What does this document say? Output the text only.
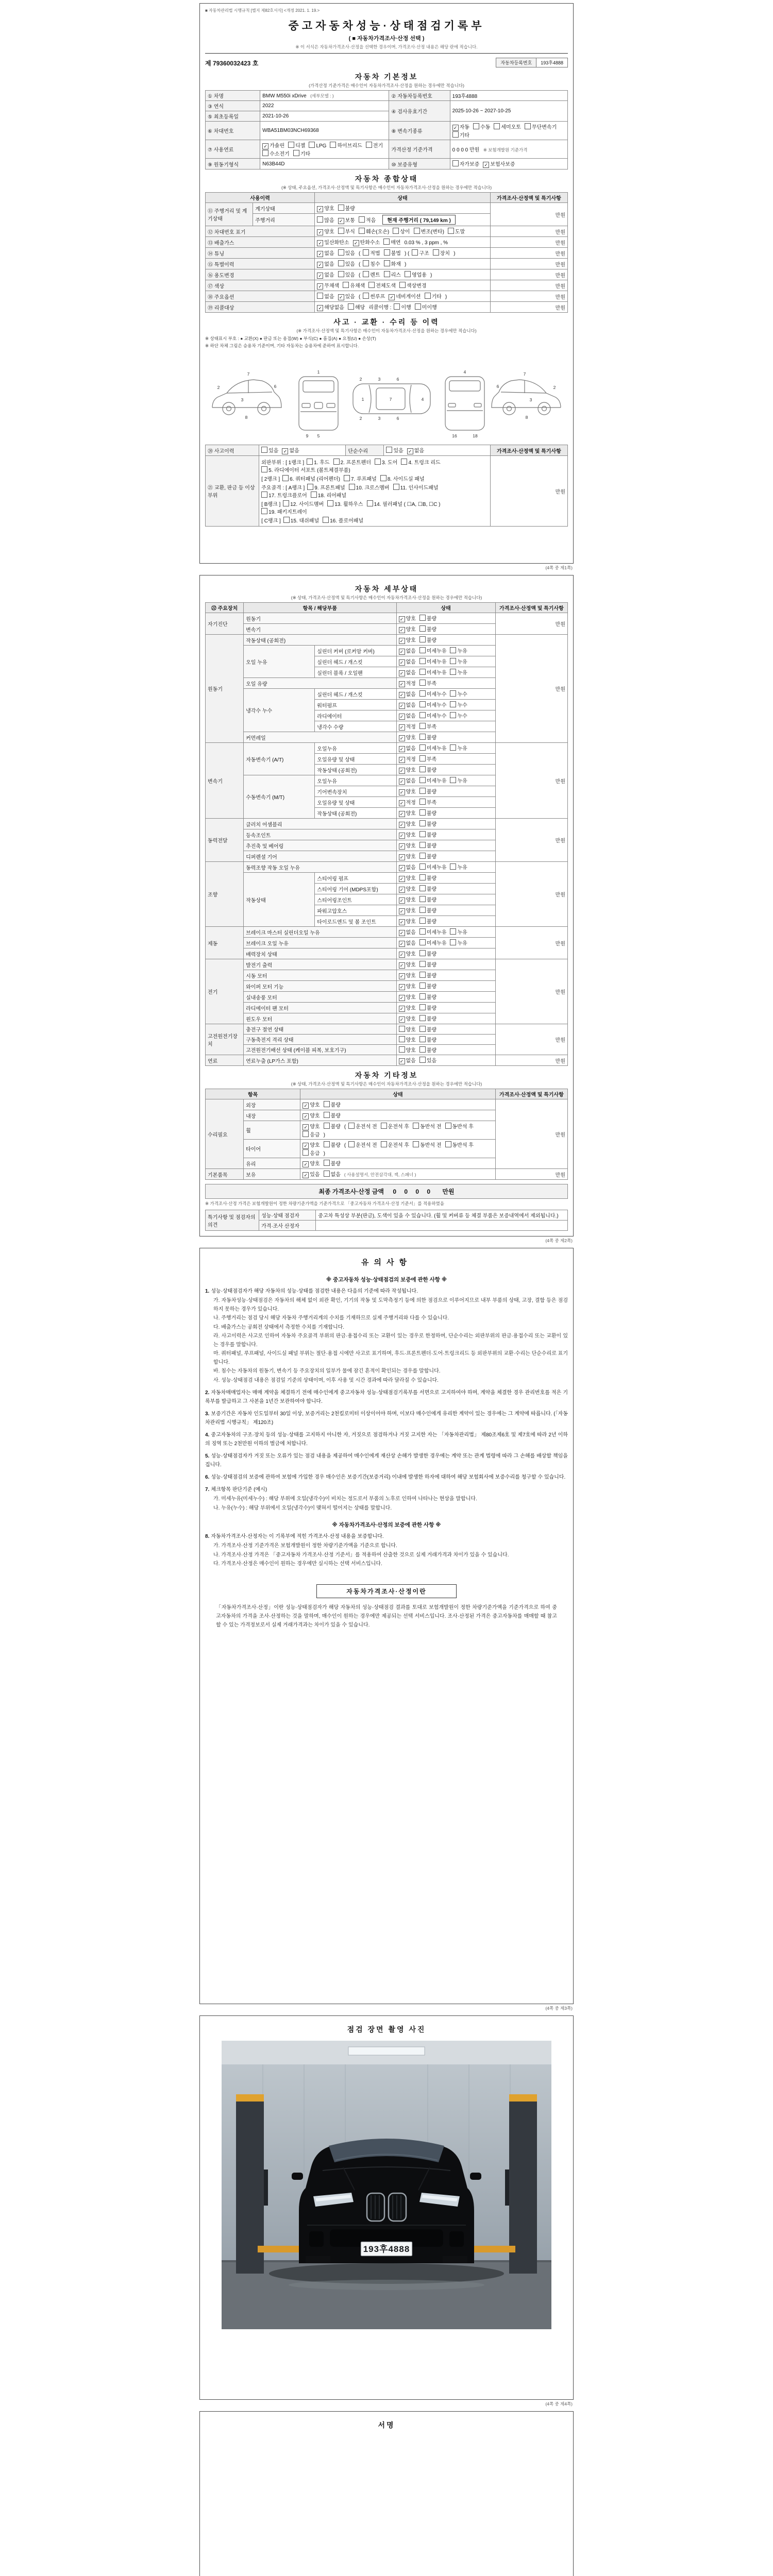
■ 자동차관리법 시행규칙 [별지 제82호서식] <개정 2021. 1. 19.>
중고자동차성능·상태점검기록부
( ■ 자동차가격조사·산정 선택 )
※ 이 서식은 자동차가격조사·산정을 선택한 경우이며, 가격조사·산정 내용은 해당 란에 적습니다.
제 79360032423 호	자동차등록번호	193후4888
자동차 기본정보
(가격산정 기준가격은 매수인이 자동차가격조사·산정을 원하는 경우에만 적습니다)
① 차명	BMW M550i xDrive (세부모델 : )	② 자동차등록번호	193후4888
③ 연식	2022	④ 검사유효기간	2025-10-26 ~ 2027-10-25
⑤ 최초등록일	2021-10-26		
⑥ 차대번호	WBA51BM03NCH69368	⑧ 변속기종류	✓ 자동 수동 세미오토 무단변속기기타
⑦ 사용연료	✓ 가솔린 디젤 LPG 하이브리드 전기수소전기 기타	가격산정 기준가격	0 0 0 0 만원 ※ 보험개발원 기준가격
⑨ 원동기형식	N63B44D	⑩ 보증유형	자가보증 ✓ 보험사보증
자동차 종합상태
(※ 상태, 주요옵션, 가격조사·산정액 및 특기사항은 매수인이 자동차가격조사·산정을 원하는 경우에만 적습니다)
사용이력		상태	가격조사·산정액 및 특기사항
⑪ 주행거리 및 계기상태	계기상태	✓ 양호 불량	만원
	주행거리	많음 ✓ 보통 적음 현재 주행거리 ( 79,149 km )	
⑫ 차대번호 표기		✓ 양호 부식 훼손(오손) 상이 변조(변타) 도말	만원
⑬ 배출가스		✓ 일산화탄소 ✓ 탄화수소 매연 0.03 % , 3 ppm , %	만원
⑭ 튜닝		✓ 없음 있음 ( 적법 불법 ) ( 구조 장치 )	만원
⑮ 특별이력		✓ 없음 있음 ( 침수 화재 )	만원
⑯ 용도변경		✓ 없음 있음 ( 렌트 리스 영업용 )	만원
⑰ 색상		✓ 무채색 유채색 전체도색 색상변경	만원
⑱ 주요옵션		없음 ✓ 있음 ( 썬루프 ✓ 네비게이션 기타 )	만원
⑲ 리콜대상		✓ 해당없음 해당 리콜이행 : 이행 미이행	만원
사고 · 교환 · 수리 등 이력
(※ 가격조사·산정액 및 특기사항은 매수인이 자동차가격조사·산정을 원하는 경우에만 적습니다)
※ 상태표시 부호 : ● 교환(X) ● 판금 또는 용접(W) ● 부식(C) ● 흠집(A) ● 요철(U) ● 손상(T)
※ 하단 차체 그림은 승용차 기준이며, 기타 자동차는 승용차에 준하여 표시합니다.
7
2
3
6
8
1
5
9
2	3	6
2	3	6
1	7	4
4
16	18
7
2
3
6
8
⑳ 사고이력	있음 ✓ 없음	단순수리	있음 ✓ 없음	가격조사·산정액 및 특기사항
㉑ 교환, 판금 등 이상 부위	외판부위 : [ 1랭크 ] 1. 후드 2. 프론트펜더 3. 도어 4. 트렁크 리드5. 라디에이터 서포트 (볼트체결부품)
[ 2랭크 ] 6. 쿼터패널 (리어펜더) 7. 루프패널 8. 사이드실 패널
주요골격 : [ A랭크 ] 9. 프론트패널 10. 크로스멤버 11. 인사이드패널17. 트렁크플로어 18. 리어패널
[ B랭크 ] 12. 사이드멤버 13. 휠하우스 14. 필러패널 ( ☐A, ☐B, ☐C )19. 패키지트레이
[ C랭크 ] 15. 대쉬패널 16. 플로어패널			만원
(4쪽 중 제1쪽)
자동차 세부상태
(※ 상태, 가격조사·산정액 및 특기사항은 매수인이 자동차가격조사·산정을 원하는 경우에만 적습니다)
㉒ 주요장치	항목 / 해당부품		상태	가격조사·산정액 및 특기사항
자기진단	원동기		✓ 양호 불량	만원
	변속기		✓ 양호 불량	
원동기	작동상태 (공회전)		✓ 양호 불량	만원
	오일 누유	실린더 커버 (로커암 커버)	✓ 없음 미세누유 누유	
		실린더 헤드 / 개스킷	✓ 없음 미세누유 누유	
		실린더 블록 / 오일팬	✓ 없음 미세누유 누유	
	오일 유량		✓ 적정 부족	
	냉각수 누수	실린더 헤드 / 개스킷	✓ 없음 미세누수 누수	
		워터펌프	✓ 없음 미세누수 누수	
		라디에이터	✓ 없음 미세누수 누수	
		냉각수 수량	✓ 적정 부족	
	커먼레일		✓ 양호 불량	
변속기	자동변속기 (A/T)	오일누유	✓ 없음 미세누유 누유	만원
		오일유량 및 상태	✓ 적정 부족	
		작동상태 (공회전)	✓ 양호 불량	
	수동변속기 (M/T)	오일누유	✓ 없음 미세누유 누유	
		기어변속장치	✓ 양호 불량	
		오일유량 및 상태	✓ 적정 부족	
		작동상태 (공회전)	✓ 양호 불량	
동력전달	클러치 어셈블리		✓ 양호 불량	만원
	등속조인트		✓ 양호 불량	
	추진축 및 베어링		✓ 양호 불량	
	디퍼렌셜 기어		✓ 양호 불량	
조향	동력조향 작동 오일 누유		✓ 없음 미세누유 누유	만원
	작동상태	스티어링 펌프	✓ 양호 불량	
		스티어링 기어 (MDPS포함)	✓ 양호 불량	
		스티어링조인트	✓ 양호 불량	
		파워고압호스	✓ 양호 불량	
		타이로드엔드 및 볼 조인트	✓ 양호 불량	
제동	브레이크 마스터 실린더오일 누유		✓ 없음 미세누유 누유	만원
	브레이크 오일 누유		✓ 없음 미세누유 누유	
	배력장치 상태		✓ 양호 불량	
전기	발전기 출력		✓ 양호 불량	만원
	시동 모터		✓ 양호 불량	
	와이퍼 모터 기능		✓ 양호 불량	
	실내송풍 모터		✓ 양호 불량	
	라디에이터 팬 모터		✓ 양호 불량	
	윈도우 모터		✓ 양호 불량	
고전원전기장치	충전구 절연 상태		양호 불량	만원
	구동축전지 격리 상태		양호 불량	
	고전원전기배선 상태 (케이블 피복, 보호기구)		양호 불량	
연료	연료누출 (LP가스 포함)		✓ 없음 있음	만원
자동차 기타정보
(※ 상태, 가격조사·산정액 및 특기사항은 매수인이 자동차가격조사·산정을 원하는 경우에만 적습니다)
항목		상태	가격조사·산정액 및 특기사항
수리필요	외장	✓ 양호 불량	만원
	내장	✓ 양호 불량	
	휠	✓ 양호 불량 ( 운전석 전 운전석 후 동반석 전 동반석 후응급 )	
	타이어	✓ 양호 불량 ( 운전석 전 운전석 후 동반석 전 동반석 후응급 )	
	유리	✓ 양호 불량	
기본품목	보유	✓ 있음 없음 ( 사용설명서, 안전삼각대, 잭, 스패너 )	만원
최종 가격조사·산정 금액 0 0 0 0 만원
※ 가격조사·산정 가격은 보험개발원이 정한 차량기준가액을 기준가격으로 「중고자동차 가격조사·산정 기준서」를 적용하였음
특기사항 및 점검자의 의견	성능·상태 점검자	중고차 특성상 부분(판금), 도색이 있을 수 있습니다. (휠 및 커버류 등 체결 부품은 보증내역에서 제외됩니다.)
	가격·조사 산정자	
(4쪽 중 제2쪽)
유의사항
※ 중고자동차 성능·상태점검의 보증에 관한 사항 ※
1. 성능·상태점검자가 해당 자동차의 성능·상태를 점검한 내용은 다음의 기준에 따라 작성됩니다.
가. 자동차성능·상태점검은 자동차의 해체 없이 외관 확인, 기기의 작동 및 도막측정기 등에 의한 점검으로 이루어지므로 내부 부품의 상태, 고장, 결함 등은 점검하지 못하는 경우가 있습니다.
나. 주행거리는 점검 당시 해당 자동차 주행거리계의 수치를 기재하므로 실제 주행거리와 다를 수 있습니다.
다. 배출가스는 공회전 상태에서 측정한 수치를 기재합니다.
라. 사고이력은 사고로 인하여 자동차 주요골격 부위의 판금·용접수리 또는 교환이 있는 경우로 한정하며, 단순수리는 외판부위의 판금·용접수리 또는 교환이 있는 경우를 말합니다.
마. 쿼터패널, 루프패널, 사이드실 패널 부위는 절단·용접 시에만 사고로 표기하며, 후드·프론트펜더·도어·트렁크리드 등 외판부위의 교환·수리는 단순수리로 표기합니다.
바. 침수는 자동차의 원동기, 변속기 등 주요장치의 일부가 물에 잠긴 흔적이 확인되는 경우를 말합니다.
사. 성능·상태점검 내용은 점검일 기준의 상태이며, 이후 사용 및 시간 경과에 따라 달라질 수 있습니다.
2. 자동차매매업자는 매매 계약을 체결하기 전에 매수인에게 중고자동차 성능·상태점검기록부를 서면으로 고지하여야 하며, 계약을 체결한 경우 관리번호를 적은 기록부를 발급하고 그 사본을 1년간 보관하여야 합니다.
3. 보증기간은 자동차 인도일부터 30일 이상, 보증거리는 2천킬로미터 이상이어야 하며, 이보다 매수인에게 유리한 계약이 있는 경우에는 그 계약에 따릅니다. (「자동차관리법 시행규칙」 제120조)
4. 중고자동차의 구조·장치 등의 성능·상태를 고지하지 아니한 자, 거짓으로 점검하거나 거짓 고지한 자는 「자동차관리법」 제80조제6호 및 제7호에 따라 2년 이하의 징역 또는 2천만원 이하의 벌금에 처합니다.
5. 성능·상태점검자가 거짓 또는 오류가 있는 점검 내용을 제공하여 매수인에게 재산상 손해가 발생한 경우에는 계약 또는 관계 법령에 따라 그 손해를 배상할 책임을 집니다.
6. 성능·상태점검의 보증에 관하여 보험에 가입한 경우 매수인은 보증기간(보증거리) 이내에 발생한 하자에 대하여 해당 보험회사에 보증수리를 청구할 수 있습니다.
7. 체크항목 판단기준 (예시)
가. 미세누유(미세누수) : 해당 부위에 오일(냉각수)이 비치는 정도로서 부품의 노후로 인하여 나타나는 현상을 말합니다.
나. 누유(누수) : 해당 부위에서 오일(냉각수)이 맺혀서 떨어지는 상태를 말합니다.
※ 자동차가격조사·산정의 보증에 관한 사항 ※
8. 자동차가격조사·산정자는 이 기록부에 적힌 가격조사·산정 내용을 보증합니다.
가. 가격조사·산정 기준가격은 보험개발원이 정한 차량기준가액을 기준으로 합니다.
나. 가격조사·산정 가격은 「중고자동차 가격조사·산정 기준서」를 적용하여 산출한 것으로 실제 거래가격과 차이가 있을 수 있습니다.
다. 가격조사·산정은 매수인이 원하는 경우에만 실시하는 선택 서비스입니다.
자동차가격조사·산정이란
「자동차가격조사·산정」이란 성능·상태점검자가 해당 자동차의 성능·상태점검 결과를 토대로 보험개발원이 정한 차량기준가액을 기준가격으로 하여 중고자동차의 가격을 조사·산정하는 것을 말하며, 매수인이 원하는 경우에만 제공되는 선택 서비스입니다. 조사·산정된 가격은 중고자동차를 매매할 때 참고할 수 있는 가격정보로서 실제 거래가격과는 차이가 있을 수 있습니다.
(4쪽 중 제3쪽)
점검 장면 촬영 사진
193후4888
(4쪽 중 제4쪽)
서명
